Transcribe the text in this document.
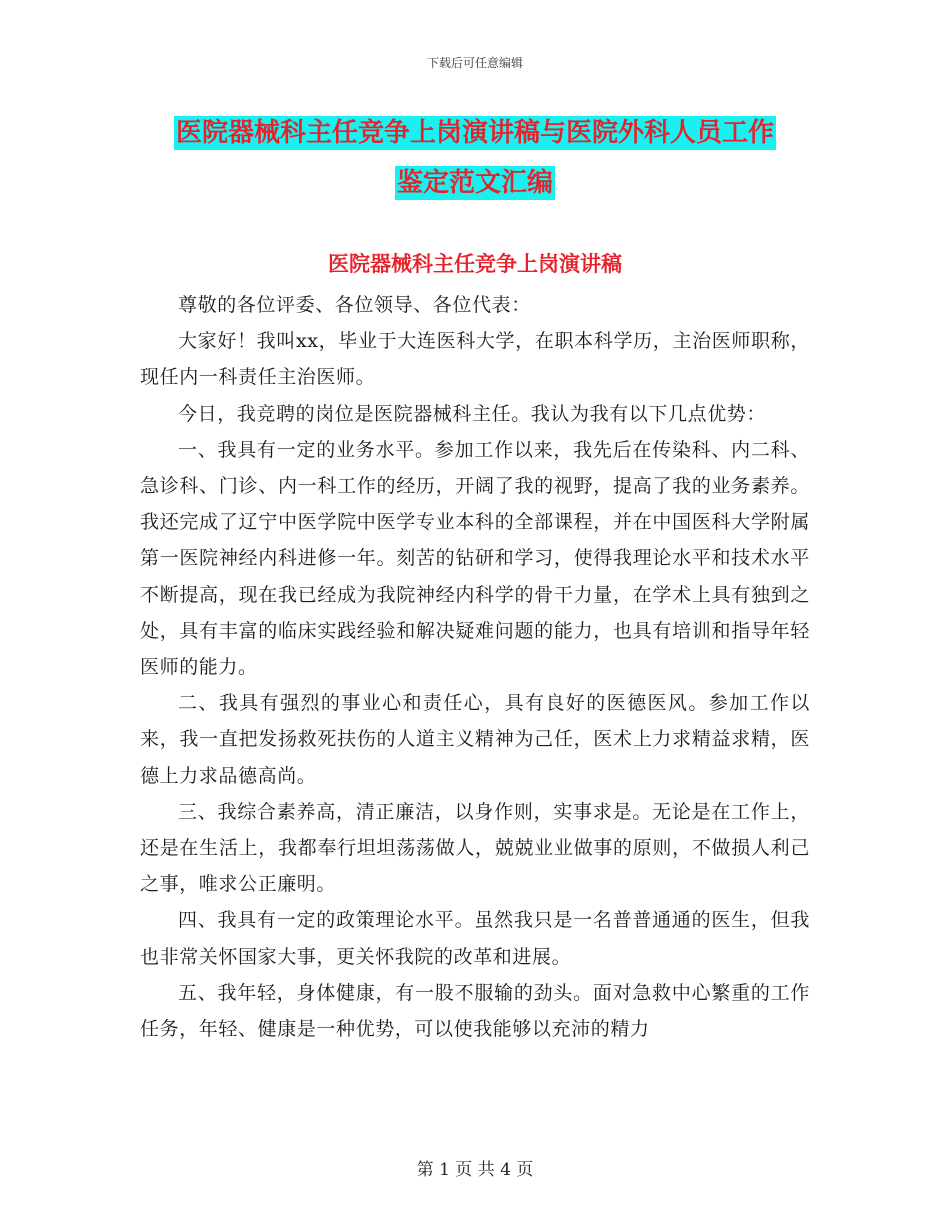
下载后可任意编辑
医院器械科主任竞争上岗演讲稿与医院外科人员工作
鉴定范文汇编
医院器械科主任竞争上岗演讲稿

尊敬的各位评委、各位领导、各位代表：

大家好！我叫xx，毕业于大连医科大学，在职本科学历，主治医师职称，现任内一科责任主治医师。

今日，我竞聘的岗位是医院器械科主任。我认为我有以下几点优势：

一、我具有一定的业务水平。参加工作以来，我先后在传染科、内二科、急诊科、门诊、内一科工作的经历，开阔了我的视野，提高了我的业务素养。我还完成了辽宁中医学院中医学专业本科的全部课程，并在中国医科大学附属第一医院神经内科进修一年。刻苦的钻研和学习，使得我理论水平和技术水平不断提高，现在我已经成为我院神经内科学的骨干力量，在学术上具有独到之处，具有丰富的临床实践经验和解决疑难问题的能力，也具有培训和指导年轻医师的能力。

二、我具有强烈的事业心和责任心，具有良好的医德医风。参加工作以来，我一直把发扬救死扶伤的人道主义精神为己任，医术上力求精益求精，医德上力求品德高尚。

三、我综合素养高，清正廉洁，以身作则，实事求是。无论是在工作上，还是在生活上，我都奉行坦坦荡荡做人，兢兢业业做事的原则，不做损人利己之事，唯求公正廉明。

四、我具有一定的政策理论水平。虽然我只是一名普普通通的医生，但我也非常关怀国家大事，更关怀我院的改革和进展。

五、我年轻，身体健康，有一股不服输的劲头。面对急救中心繁重的工作任务，年轻、健康是一种优势，可以使我能够以充沛的精力

第 1 页 共 4 页
